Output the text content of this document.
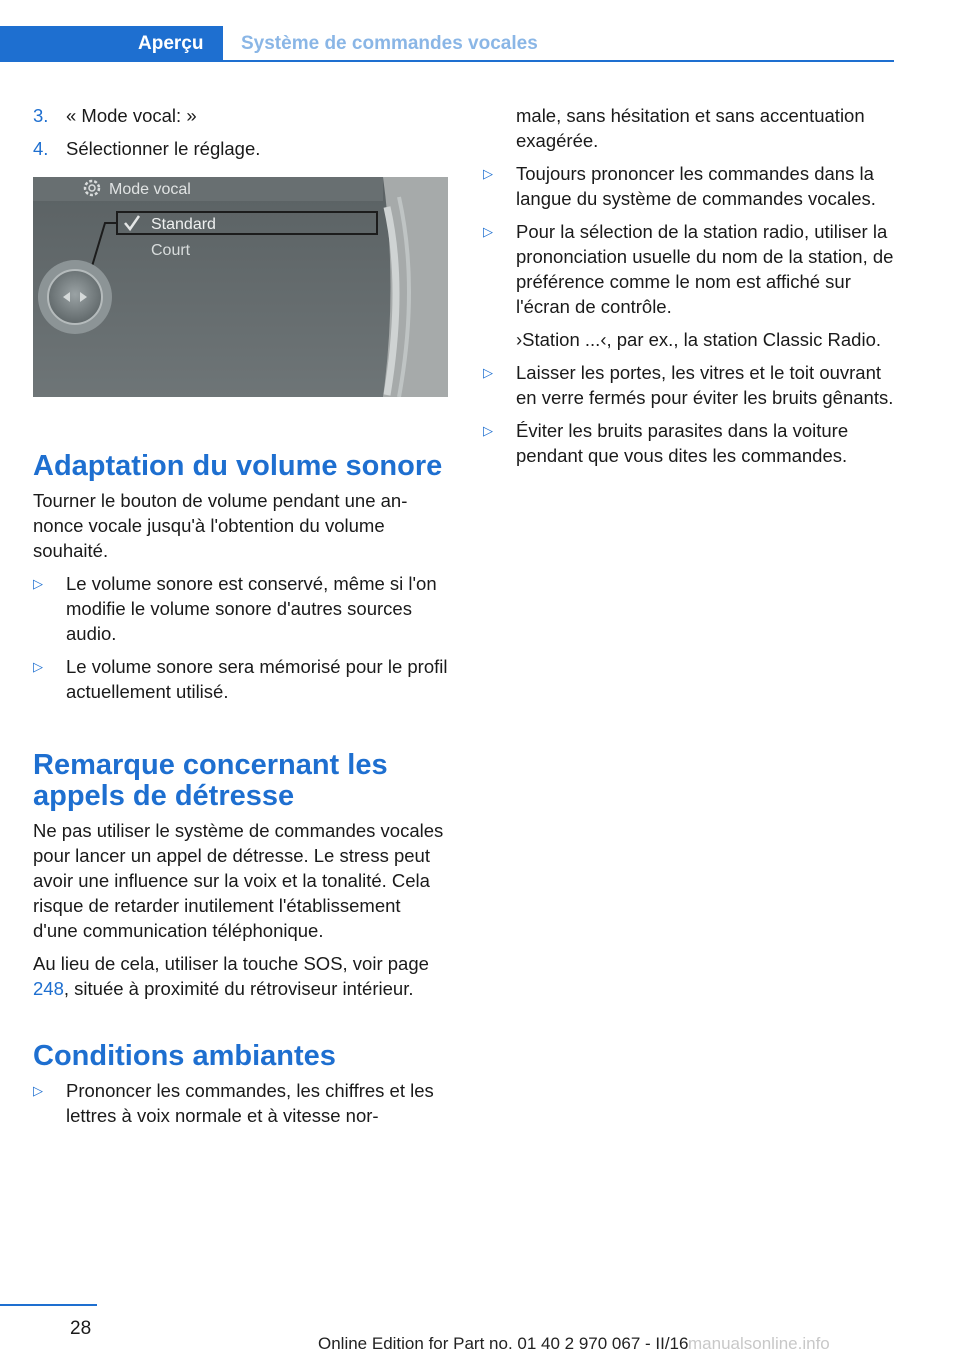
Aperçu	Système de commandes vocales
3. « Mode vocal: »
4. Sélectionner le réglage.
Mode vocal
Standard
Court
Adaptation du volume sonore

Tourner le bouton de volume pendant une annonce vocale jusqu'à l'obtention du volume souhaité.

▷	Le volume sonore est conservé, même si l'on modifie le volume sonore d'autres sources audio.
▷	Le volume sonore sera mémorisé pour le profil actuellement utilisé.
Remarque concernant les appels de détresse

Ne pas utiliser le système de commandes vocales pour lancer un appel de détresse. Le stress peut avoir une influence sur la voix et la tonalité. Cela risque de retarder inutilement l'établissement d'une communication téléphonique.

Au lieu de cela, utiliser la touche SOS, voir page 248, située à proximité du rétroviseur intérieur.

Conditions ambiantes
▷	Prononcer les commandes, les chiffres et les lettres à voix normale et à vitesse nor-
male, sans hésitation et sans accentuation exagérée.
▷	Toujours prononcer les commandes dans la langue du système de commandes vocales.
▷	Pour la sélection de la station radio, utiliser la prononciation usuelle du nom de la station, de préférence comme le nom est affiché sur l'écran de contrôle.
›Station ...‹, par ex., la station Classic Radio.
▷	Laisser les portes, les vitres et le toit ouvrant en verre fermés pour éviter les bruits gênants.
▷	Éviter les bruits parasites dans la voiture pendant que vous dites les commandes.
28
Online Edition for Part no. 01 40 2 970 067 - II/16 manualsonline.info
